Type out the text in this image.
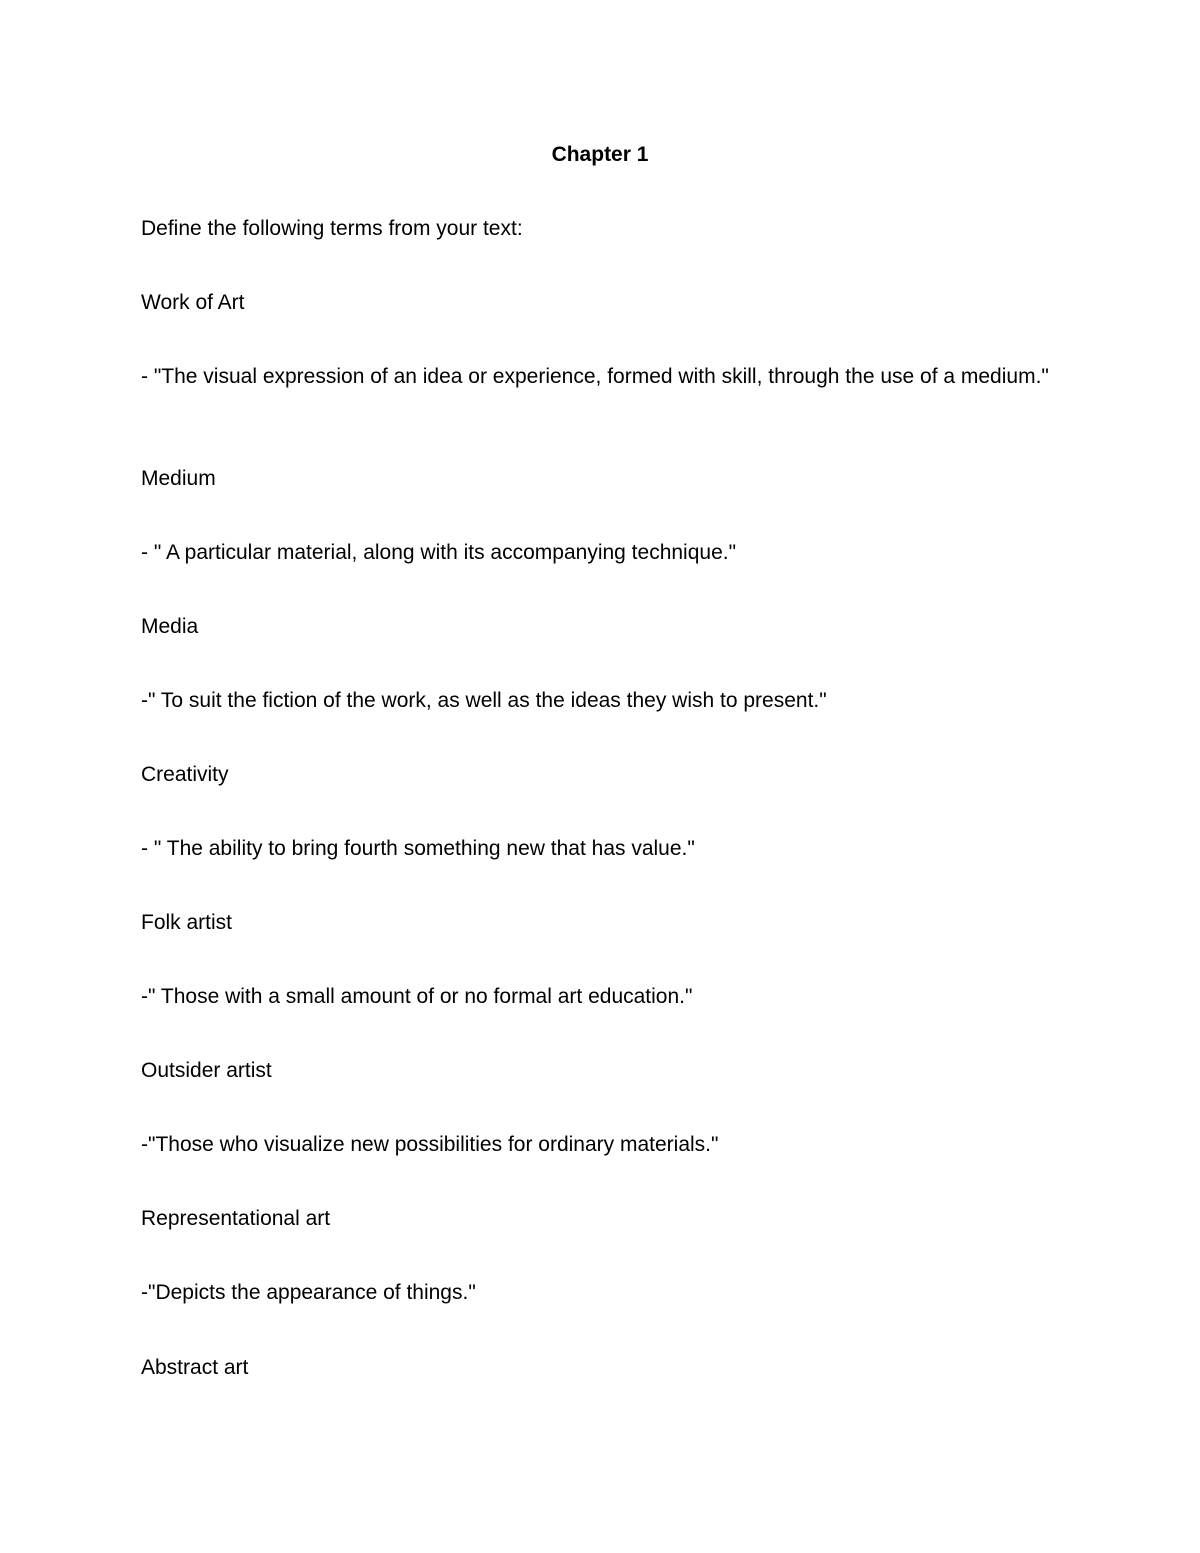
Chapter 1

Define the following terms from your text:

Work of Art

- "The visual expression of an idea or experience, formed with skill, through the use of a medium."

Medium

- " A particular material, along with its accompanying technique."

Media

-" To suit the fiction of the work, as well as the ideas they wish to present."

Creativity

- " The ability to bring fourth something new that has value."

Folk artist

-" Those with a small amount of or no formal art education."

Outsider artist

-"Those who visualize new possibilities for ordinary materials."

Representational art

-"Depicts the appearance of things."

Abstract art
